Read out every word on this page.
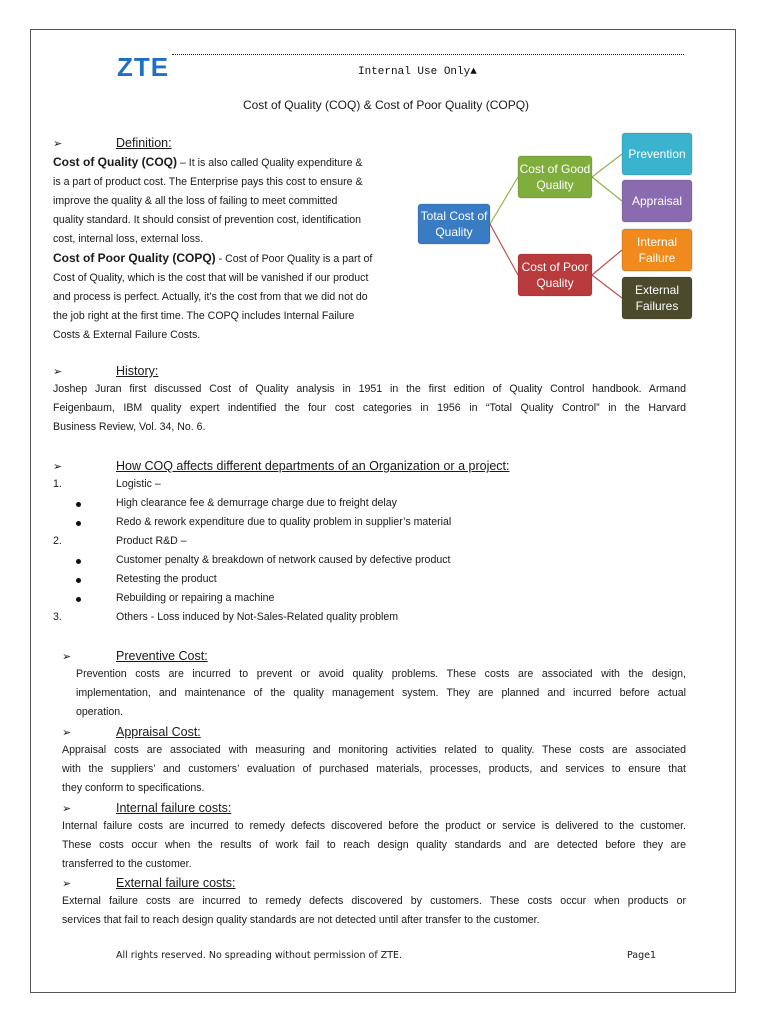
ZTE	Internal Use Only▲
Cost of Quality (COQ) & Cost of Poor Quality (COPQ)
➢	Definition:
Cost of Quality (COQ) – It is also called Quality expenditure &
is a part of product cost. The Enterprise pays this cost to ensure &
improve the quality & all the loss of failing to meet committed
quality standard. It should consist of prevention cost, identification
cost, internal loss, external loss.
Cost of Poor Quality (COPQ) - Cost of Poor Quality is a part of
Cost of Quality, which is the cost that will be vanished if our product
and process is perfect. Actually, it’s the cost from that we did not do
the job right at the first time. The COPQ includes Internal Failure
Costs & External Failure Costs.
Total Cost of
Quality
Cost of Good
Quality
Cost of Poor
Quality
Prevention
Appraisal
Internal
Failure
External
Failures
➢	History:
Joshep Juran first discussed Cost of Quality analysis in 1951 in the first edition of Quality Control handbook. Armand
Feigenbaum, IBM quality expert indentified the four cost categories in 1956 in “Total Quality Control” in the Harvard
Business Review, Vol. 34, No. 6.
➢	How COQ affects different departments of an Organization or a project:
1.	Logistic –
High clearance fee & demurrage charge due to freight delay
Redo & rework expenditure due to quality problem in supplier’s material
2.	Product R&D –
Customer penalty & breakdown of network caused by defective product
Retesting the product
Rebuilding or repairing a machine
3.	Others - Loss induced by Not-Sales-Related quality problem
➢	Preventive Cost:
Prevention costs are incurred to prevent or avoid quality problems. These costs are associated with the design,
implementation, and maintenance of the quality management system. They are planned and incurred before actual
operation.
➢	Appraisal Cost:
Appraisal costs are associated with measuring and monitoring activities related to quality. These costs are associated
with the suppliers’ and customers’ evaluation of purchased materials, processes, products, and services to ensure that
they conform to specifications.
➢	Internal failure costs:
Internal failure costs are incurred to remedy defects discovered before the product or service is delivered to the customer.
These costs occur when the results of work fail to reach design quality standards and are detected before they are
transferred to the customer.
➢	External failure costs:
External failure costs are incurred to remedy defects discovered by customers. These costs occur when products or
services that fail to reach design quality standards are not detected until after transfer to the customer.
All rights reserved. No spreading without permission of ZTE.	Page1
